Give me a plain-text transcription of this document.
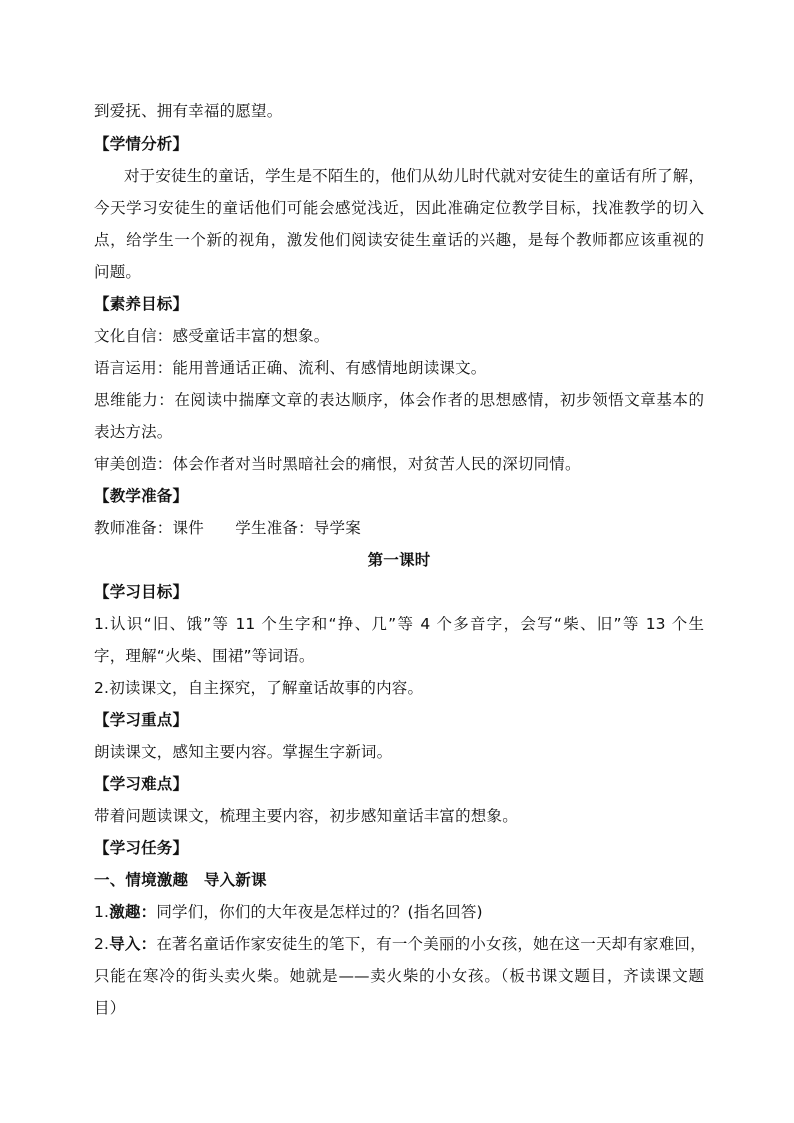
到爱抚、拥有幸福的愿望。
【学情分析】
对于安徒生的童话，学生是不陌生的，他们从幼儿时代就对安徒生的童话有所了解，
今天学习安徒生的童话他们可能会感觉浅近，因此准确定位教学目标，找准教学的切入
点，给学生一个新的视角，激发他们阅读安徒生童话的兴趣，是每个教师都应该重视的
问题。
【素养目标】
文化自信：感受童话丰富的想象。
语言运用：能用普通话正确、流利、有感情地朗读课文。
思维能力：在阅读中揣摩文章的表达顺序，体会作者的思想感情，初步领悟文章基本的
表达方法。
审美创造：体会作者对当时黑暗社会的痛恨，对贫苦人民的深切同情。
【教学准备】
教师准备：课件　　学生准备：导学案
第一课时
【学习目标】
1.认识“旧、饿”等 11 个生字和“挣、几”等 4 个多音字，会写“柴、旧”等 13 个生
字，理解“火柴、围裙”等词语。
2.初读课文，自主探究，了解童话故事的内容。
【学习重点】
朗读课文，感知主要内容。掌握生字新词。
【学习难点】
带着问题读课文，梳理主要内容，初步感知童话丰富的想象。
【学习任务】
一、情境激趣　导入新课
1.激趣：同学们，你们的大年夜是怎样过的？(指名回答)
2.导入：在著名童话作家安徒生的笔下，有一个美丽的小女孩，她在这一天却有家难回，
只能在寒冷的街头卖火柴。她就是——卖火柴的小女孩。（板书课文题目，齐读课文题
目）
